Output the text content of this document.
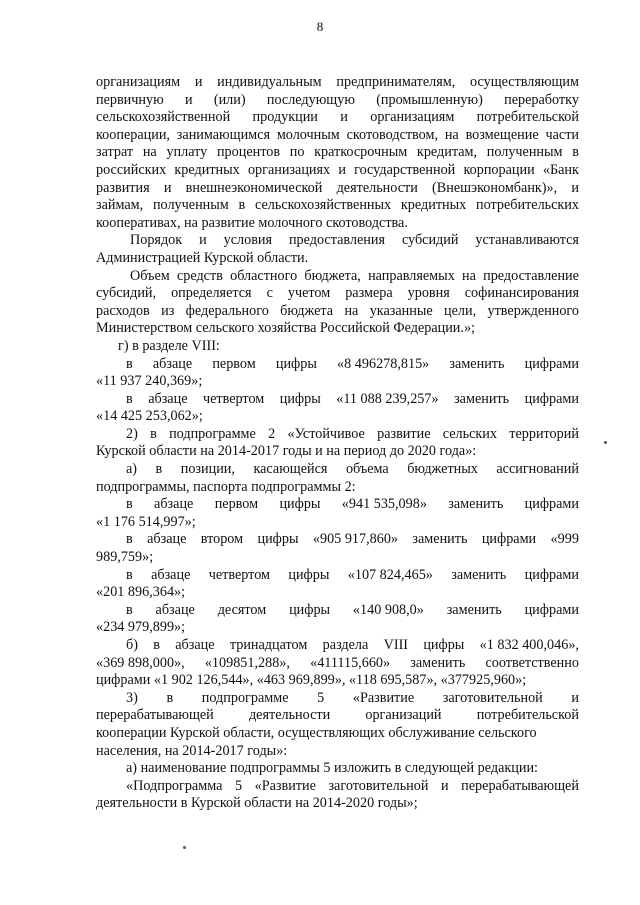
8
организациям и индивидуальным предпринимателям, осуществляющим
первичную и (или) последующую (промышленную) переработку
сельскохозяйственной продукции и организациям потребительской
кооперации, занимающимся молочным скотоводством, на возмещение части
затрат на уплату процентов по краткосрочным кредитам, полученным в
российских кредитных организациях и государственной корпорации «Банк
развития и внешнеэкономической деятельности (Внешэкономбанк)», и
займам, полученным в сельскохозяйственных кредитных потребительских
кооперативах, на развитие молочного скотоводства.
Порядок и условия предоставления субсидий устанавливаются
Администрацией Курской области.
Объем средств областного бюджета, направляемых на предоставление
субсидий, определяется с учетом размера уровня софинансирования
расходов из федерального бюджета на указанные цели, утвержденного
Министерством сельского хозяйства Российской Федерации.»;
г) в разделе VIII:
в абзаце первом цифры «8 496278,815» заменить цифрами
«11 937 240,369»;
в абзаце четвертом цифры «11 088 239,257» заменить цифрами
«14 425 253,062»;
2) в подпрограмме 2 «Устойчивое развитие сельских территорий
Курской области на 2014-2017 годы и на период до 2020 года»:
а) в позиции, касающейся объема бюджетных ассигнований
подпрограммы, паспорта подпрограммы 2:
в абзаце первом цифры «941 535,098» заменить цифрами
«1 176 514,997»;
в абзаце втором цифры «905 917,860» заменить цифрами «999
989,759»;
в абзаце четвертом цифры «107 824,465» заменить цифрами
«201 896,364»;
в абзаце десятом цифры «140 908,0» заменить цифрами
«234 979,899»;
б) в абзаце тринадцатом раздела VIII цифры «1 832 400,046»,
«369 898,000», «109851,288», «411115,660» заменить соответственно
цифрами «1 902 126,544», «463 969,899», «118 695,587», «377925,960»;
3) в подпрограмме 5 «Развитие заготовительной и
перерабатывающей деятельности организаций потребительской
кооперации Курской области, осуществляющих обслуживание сельского
населения, на 2014-2017 годы»:
а) наименование подпрограммы 5 изложить в следующей редакции:
«Подпрограмма 5 «Развитие заготовительной и перерабатывающей
деятельности в Курской области на 2014-2020 годы»;
